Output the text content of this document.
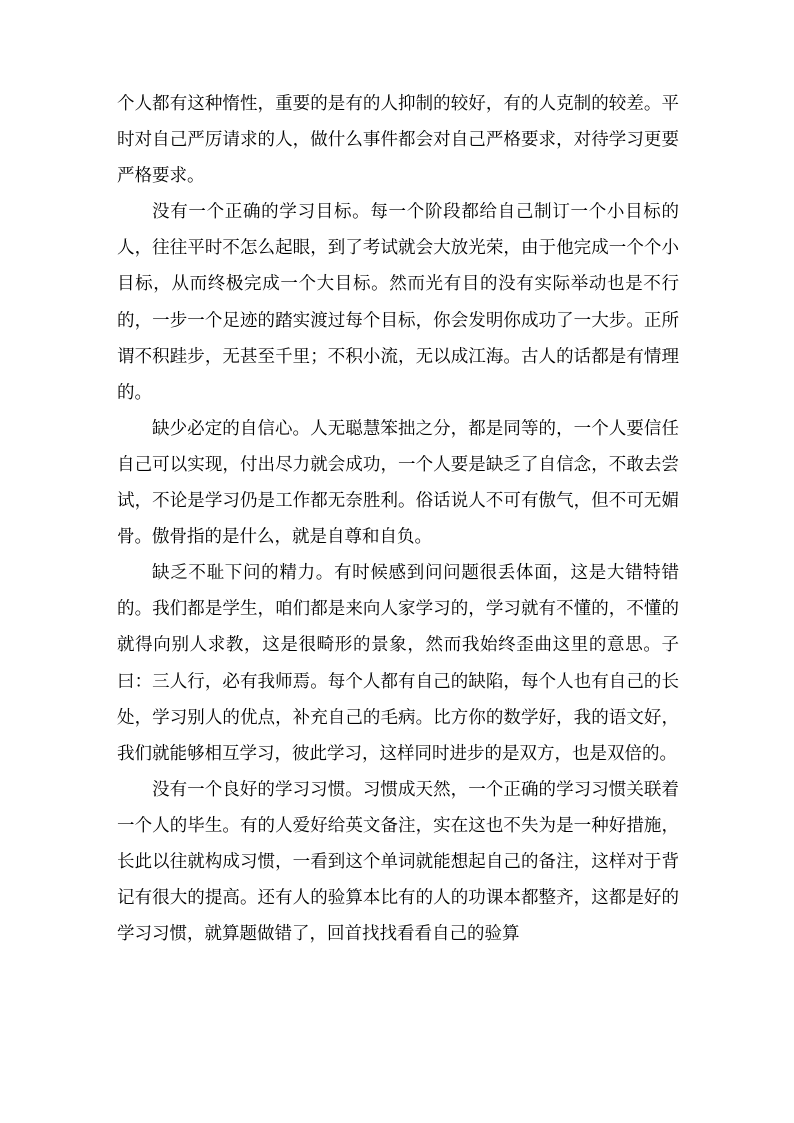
个人都有这种惰性，重要的是有的人抑制的较好，有的人克制的较差。平时对自己严厉请求的人，做什么事件都会对自己严格要求，对待学习更要严格要求。

没有一个正确的学习目标。每一个阶段都给自己制订一个小目标的人，往往平时不怎么起眼，到了考试就会大放光荣，由于他完成一个个小目标，从而终极完成一个大目标。然而光有目的没有实际举动也是不行的，一步一个足迹的踏实渡过每个目标，你会发明你成功了一大步。正所谓不积跬步，无甚至千里；不积小流，无以成江海。古人的话都是有情理的。

缺少必定的自信心。人无聪慧笨拙之分，都是同等的，一个人要信任自己可以实现，付出尽力就会成功，一个人要是缺乏了自信念，不敢去尝试，不论是学习仍是工作都无奈胜利。俗话说人不可有傲气，但不可无媚骨。傲骨指的是什么，就是自尊和自负。

缺乏不耻下问的精力。有时候感到问问题很丢体面，这是大错特错的。我们都是学生，咱们都是来向人家学习的，学习就有不懂的，不懂的就得向别人求教，这是很畸形的景象，然而我始终歪曲这里的意思。子曰：三人行，必有我师焉。每个人都有自己的缺陷，每个人也有自己的长处，学习别人的优点，补充自己的毛病。比方你的数学好，我的语文好，我们就能够相互学习，彼此学习，这样同时进步的是双方，也是双倍的。

没有一个良好的学习习惯。习惯成天然，一个正确的学习习惯关联着一个人的毕生。有的人爱好给英文备注，实在这也不失为是一种好措施，长此以往就构成习惯，一看到这个单词就能想起自己的备注，这样对于背记有很大的提高。还有人的验算本比有的人的功课本都整齐，这都是好的学习习惯，就算题做错了，回首找找看看自己的验算
